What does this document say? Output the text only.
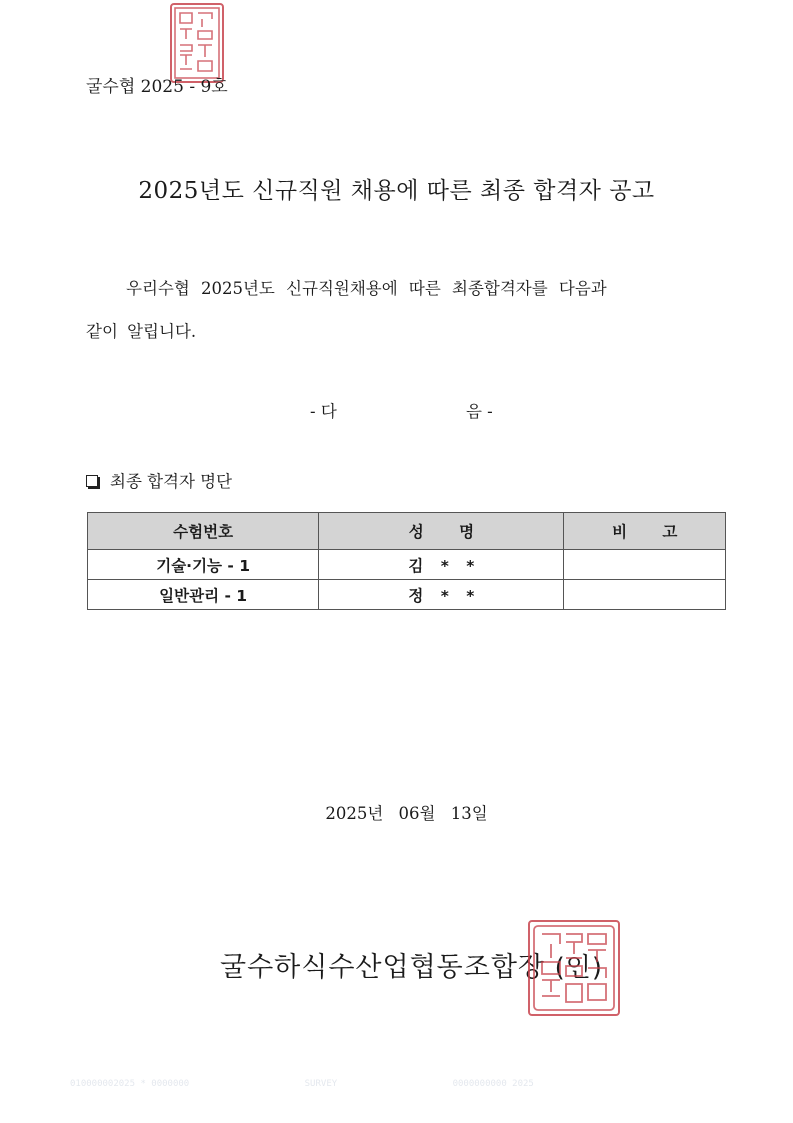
굴수협 2025 - 9호
2025년도 신규직원 채용에 따른 최종 합격자 공고
우리수협 2025년도 신규직원채용에 따른 최종합격자를 다음과
같이 알립니다.
- 다	음 -
최종 합격자 명단
수험번호	성 명	비 고
기술·기능 - 1	김 * *	
일반관리 - 1	정 * *	
2025년 06월 13일
굴수하식수산업협동조합장 (인)
010000002025 * 0000000	SURVEY	0000000000 2025
